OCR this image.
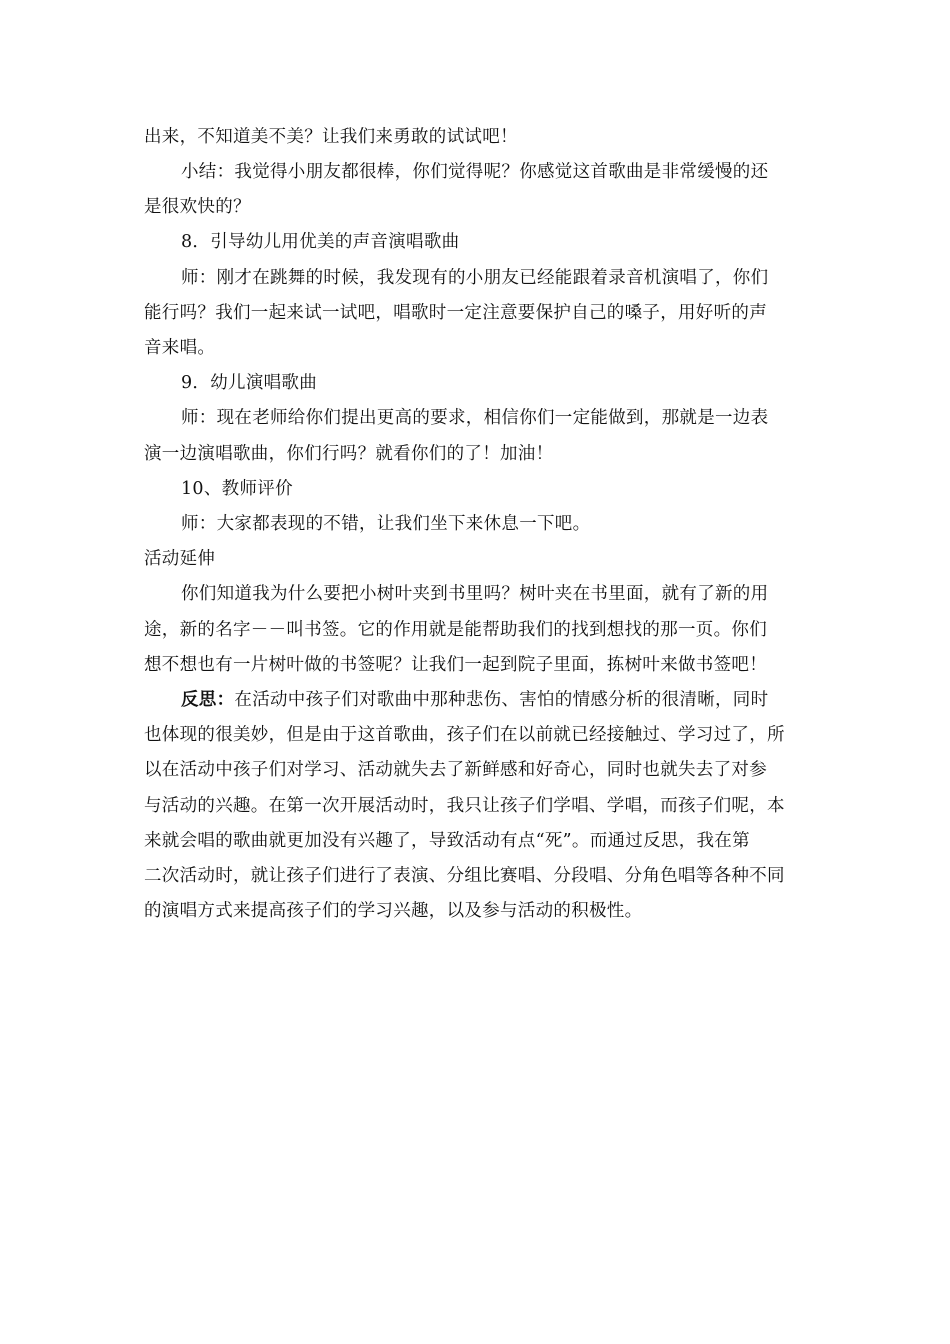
出来，不知道美不美？让我们来勇敢的试试吧！
小结：我觉得小朋友都很棒，你们觉得呢？你感觉这首歌曲是非常缓慢的还
是很欢快的？
8．引导幼儿用优美的声音演唱歌曲
师：刚才在跳舞的时候，我发现有的小朋友已经能跟着录音机演唱了，你们
能行吗？我们一起来试一试吧，唱歌时一定注意要保护自己的嗓子，用好听的声
音来唱。
9．幼儿演唱歌曲
师：现在老师给你们提出更高的要求，相信你们一定能做到，那就是一边表
演一边演唱歌曲，你们行吗？就看你们的了！加油！
10、教师评价
师：大家都表现的不错，让我们坐下来休息一下吧。
活动延伸
你们知道我为什么要把小树叶夹到书里吗？树叶夹在书里面，就有了新的用
途，新的名字－－叫书签。它的作用就是能帮助我们的找到想找的那一页。你们
想不想也有一片树叶做的书签呢？让我们一起到院子里面，拣树叶来做书签吧！
反思：在活动中孩子们对歌曲中那种悲伤、害怕的情感分析的很清晰，同时
也体现的很美妙，但是由于这首歌曲，孩子们在以前就已经接触过、学习过了，所
以在活动中孩子们对学习、活动就失去了新鲜感和好奇心，同时也就失去了对参
与活动的兴趣。在第一次开展活动时，我只让孩子们学唱、学唱，而孩子们呢，本
来就会唱的歌曲就更加没有兴趣了，导致活动有点“死”。而通过反思，我在第
二次活动时，就让孩子们进行了表演、分组比赛唱、分段唱、分角色唱等各种不同
的演唱方式来提高孩子们的学习兴趣，以及参与活动的积极性。
